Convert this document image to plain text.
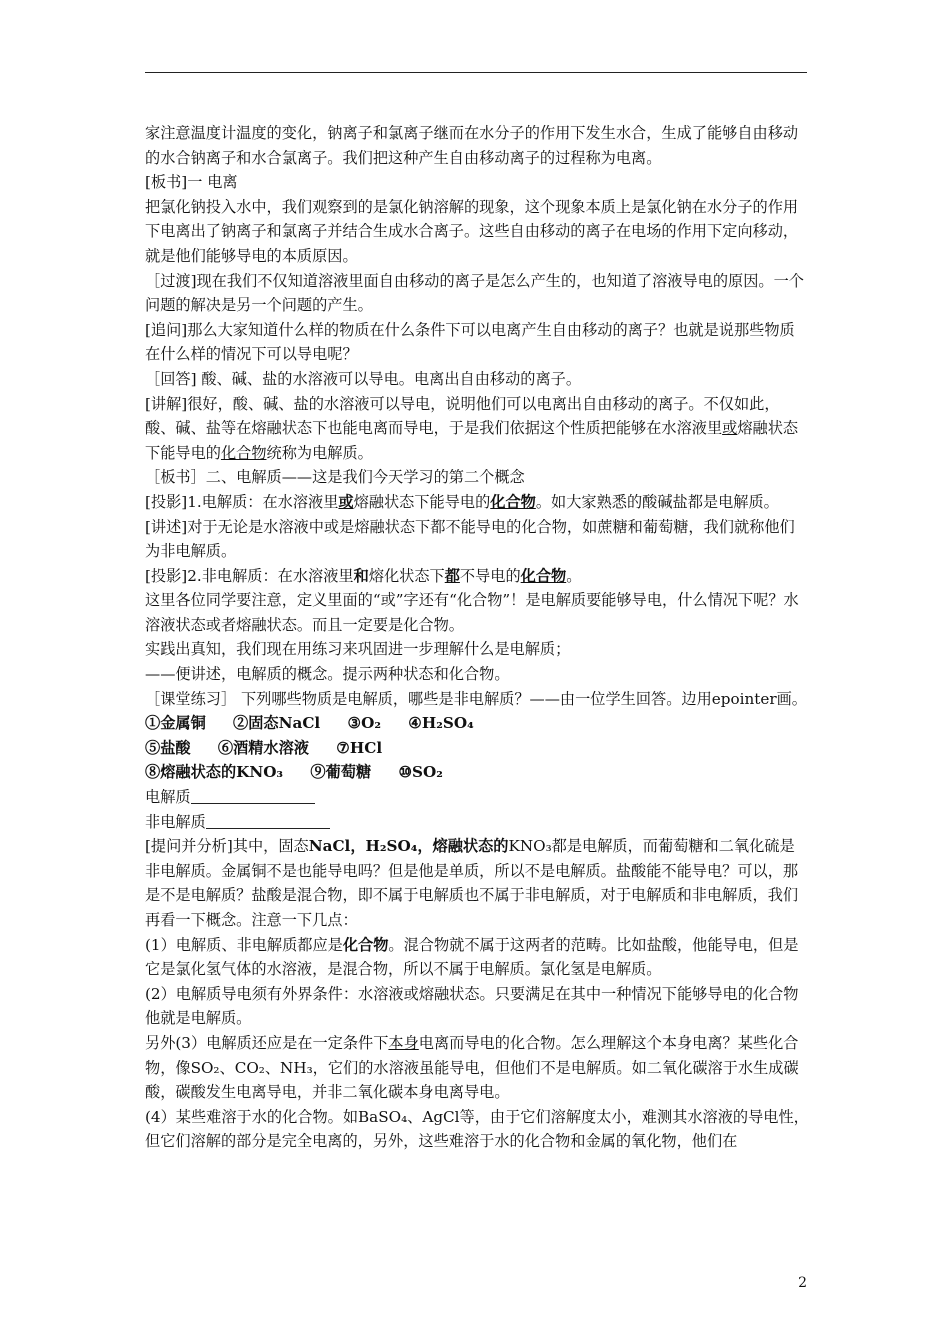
家注意温度计温度的变化，钠离子和氯离子继而在水分子的作用下发生水合，生成了能够自由移动的水合钠离子和水合氯离子。我们把这种产生自由移动离子的过程称为电离。

[板书]一 电离

把氯化钠投入水中，我们观察到的是氯化钠溶解的现象，这个现象本质上是氯化钠在水分子的作用下电离出了钠离子和氯离子并结合生成水合离子。这些自由移动的离子在电场的作用下定向移动，就是他们能够导电的本质原因。

［过渡]现在我们不仅知道溶液里面自由移动的离子是怎么产生的，也知道了溶液导电的原因。一个问题的解决是另一个问题的产生。

[追问]那么大家知道什么样的物质在什么条件下可以电离产生自由移动的离子？也就是说那些物质在什么样的情况下可以导电呢？

［回答] 酸、碱、盐的水溶液可以导电。电离出自由移动的离子。

[讲解]很好，酸、碱、盐的水溶液可以导电，说明他们可以电离出自由移动的离子。不仅如此，酸、碱、盐等在熔融状态下也能电离而导电，于是我们依据这个性质把能够在水溶液里或熔融状态下能导电的化合物统称为电解质。

［板书］二、电解质——这是我们今天学习的第二个概念

[投影]1.电解质：在水溶液里或熔融状态下能导电的化合物。如大家熟悉的酸碱盐都是电解质。

[讲述]对于无论是水溶液中或是熔融状态下都不能导电的化合物，如蔗糖和葡萄糖，我们就称他们为非电解质。

[投影]2.非电解质：在水溶液里和熔化状态下都不导电的化合物。

这里各位同学要注意，定义里面的“或”字还有“化合物”！是电解质要能够导电，什么情况下呢？水溶液状态或者熔融状态。而且一定要是化合物。

实践出真知，我们现在用练习来巩固进一步理解什么是电解质；

——便讲述，电解质的概念。提示两种状态和化合物。

［课堂练习］ 下列哪些物质是电解质，哪些是非电解质？——由一位学生回答。边用epointer画。

①金属铜 ②固态NaCl ③O₂ ④H₂SO₄

⑤盐酸 ⑥酒精水溶液 ⑦HCl

⑧熔融状态的KNO₃ ⑨葡萄糖 ⑩SO₂

电解质

非电解质

[提问并分析]其中，固态NaCl，H₂SO₄，熔融状态的KNO₃都是电解质，而葡萄糖和二氧化硫是非电解质。金属铜不是也能导电吗？但是他是单质，所以不是电解质。盐酸能不能导电？可以，那是不是电解质？盐酸是混合物，即不属于电解质也不属于非电解质，对于电解质和非电解质，我们再看一下概念。注意一下几点：

(1）电解质、非电解质都应是化合物。混合物就不属于这两者的范畴。比如盐酸，他能导电，但是它是氯化氢气体的水溶液，是混合物，所以不属于电解质。氯化氢是电解质。

(2）电解质导电须有外界条件：水溶液或熔融状态。只要满足在其中一种情况下能够导电的化合物他就是电解质。

另外(3）电解质还应是在一定条件下本身电离而导电的化合物。怎么理解这个本身电离？某些化合物，像SO₂、CO₂、NH₃，它们的水溶液虽能导电，但他们不是电解质。如二氧化碳溶于水生成碳酸，碳酸发生电离导电，并非二氧化碳本身电离导电。

(4）某些难溶于水的化合物。如BaSO₄、AgCl等，由于它们溶解度太小，难测其水溶液的导电性，但它们溶解的部分是完全电离的，另外，这些难溶于水的化合物和金属的氧化物，他们在

2
